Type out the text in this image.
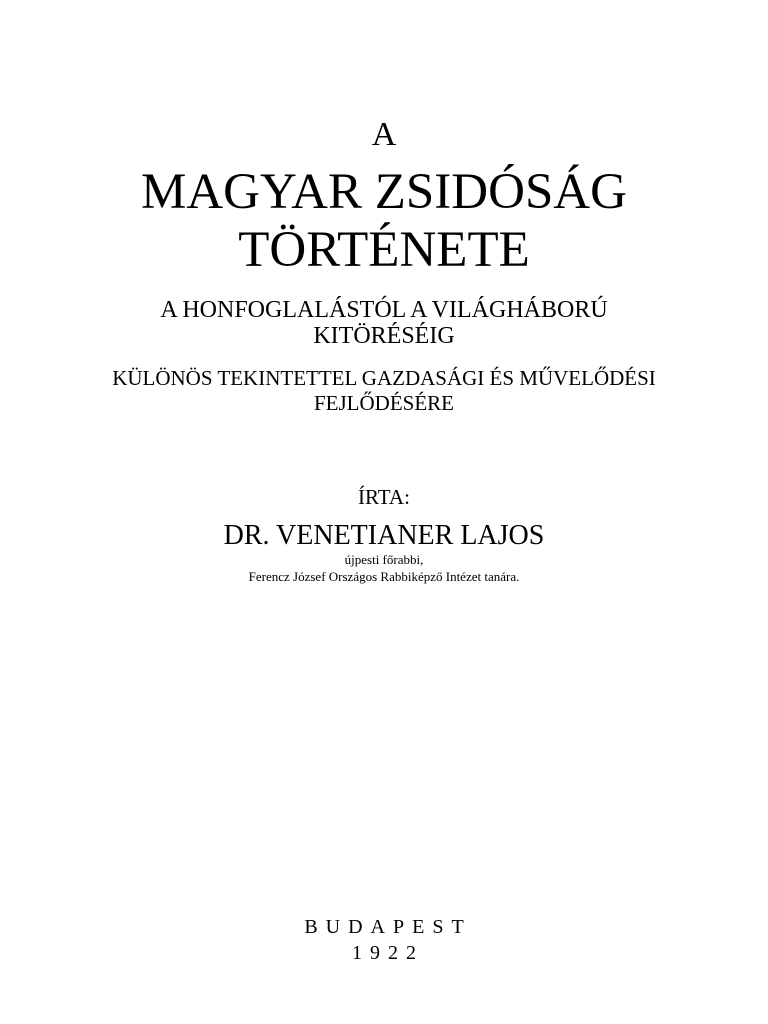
A
MAGYAR ZSIDÓSÁG
TÖRTÉNETE
A HONFOGLALÁSTÓL A VILÁGHÁBORÚ
KITÖRÉSÉIG
KÜLÖNÖS TEKINTETTEL GAZDASÁGI ÉS MŰVELŐDÉSI
FEJLŐDÉSÉRE
ÍRTA:
DR. VENETIANER LAJOS
újpesti főrabbi,
Ferencz József Országos Rabbiképző Intézet tanára.
BUDAPEST
1922
